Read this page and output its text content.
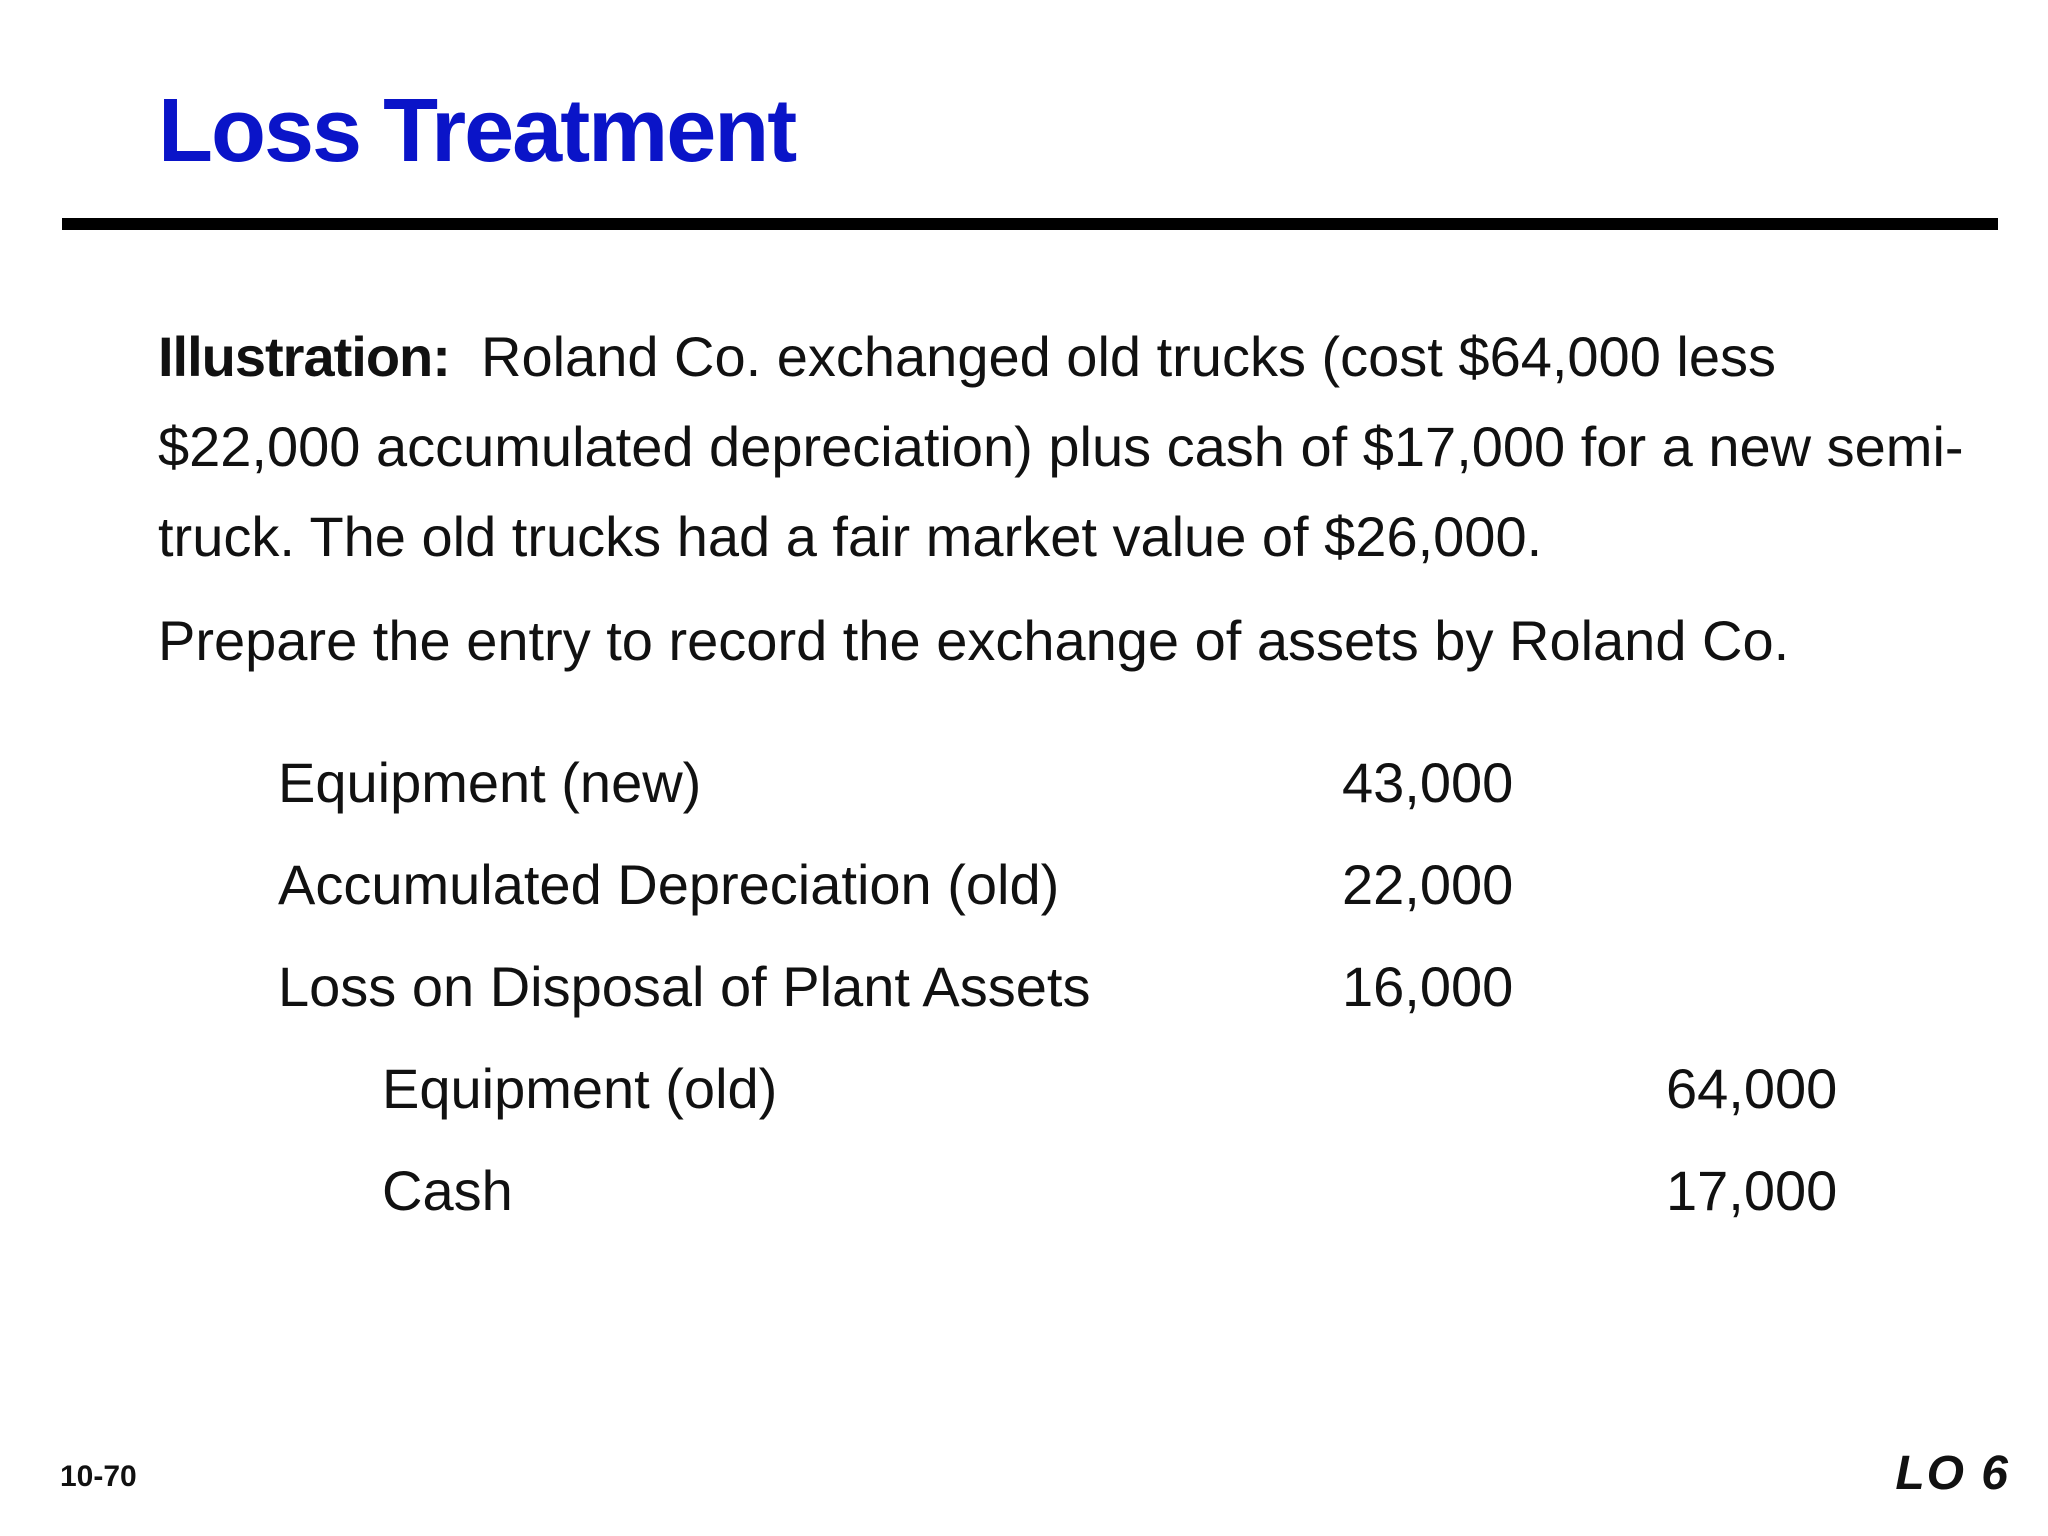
Loss Treatment

Illustration: Roland Co. exchanged old trucks (cost $64,000 less $22,000 accumulated depreciation) plus cash of $17,000 for a new semi-truck. The old trucks had a fair market value of $26,000.

Prepare the entry to record the exchange of assets by Roland Co.

Equipment (new)	43,000
Accumulated Depreciation (old)	22,000
Loss on Disposal of Plant Assets	16,000
Equipment (old)	64,000
Cash	17,000
10-70	LO 6
